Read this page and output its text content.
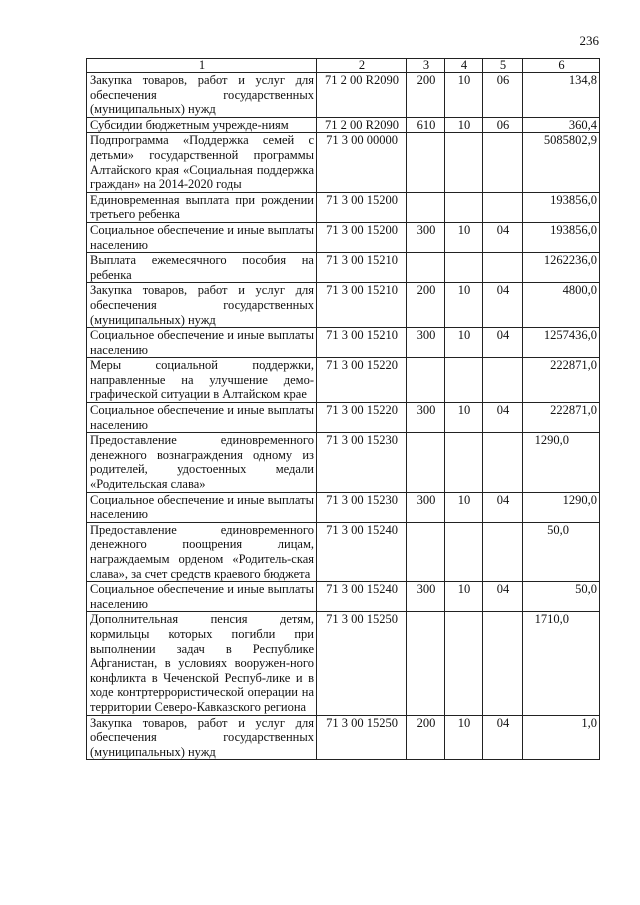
236
1	2	3	4	5	6
Закупка товаров, работ и услуг для обеспечения государственных (муниципальных) нужд	71 2 00 R2090	200	10	06	134,8
Субсидии бюджетным учрежде-ниям	71 2 00 R2090	610	10	06	360,4
Подпрограмма «Поддержка семей с детьми» государственной программы Алтайского края «Социальная поддержка граждан» на 2014-2020 годы	71 3 00 00000				5085802,9
Единовременная выплата при рождении третьего ребенка	71 3 00 15200				193856,0
Социальное обеспечение и иные выплаты населению	71 3 00 15200	300	10	04	193856,0
Выплата ежемесячного пособия на ребенка	71 3 00 15210				1262236,0
Закупка товаров, работ и услуг для обеспечения государственных (муниципальных) нужд	71 3 00 15210	200	10	04	4800,0
Социальное обеспечение и иные выплаты населению	71 3 00 15210	300	10	04	1257436,0
Меры социальной поддержки, направленные на улучшение демо-графической ситуации в Алтайском крае	71 3 00 15220				222871,0
Социальное обеспечение и иные выплаты населению	71 3 00 15220	300	10	04	222871,0
Предоставление единовременного денежного вознаграждения одному из родителей, удостоенных медали «Родительская слава»	71 3 00 15230				1290,0
Социальное обеспечение и иные выплаты населению	71 3 00 15230	300	10	04	1290,0
Предоставление единовременного денежного поощрения лицам, награждаемым орденом «Родитель-ская слава», за счет средств краевого бюджета	71 3 00 15240				50,0
Социальное обеспечение и иные выплаты населению	71 3 00 15240	300	10	04	50,0
Дополнительная пенсия детям, кормильцы которых погибли при выполнении задач в Республике Афганистан, в условиях вооружен-ного конфликта в Чеченской Респуб-лике и в ходе контртеррористической операции на территории Северо-Кавказского региона	71 3 00 15250				1710,0
Закупка товаров, работ и услуг для обеспечения государственных (муниципальных) нужд	71 3 00 15250	200	10	04	1,0
